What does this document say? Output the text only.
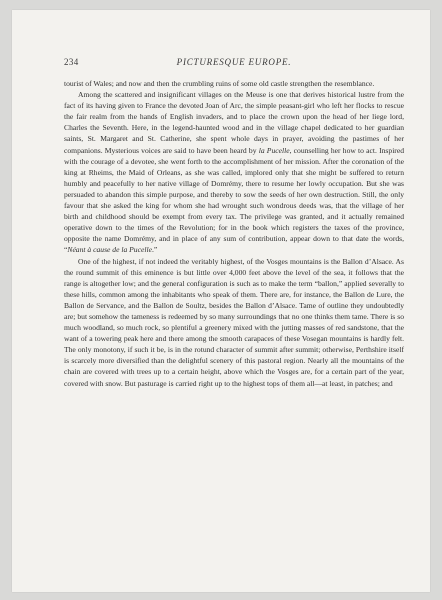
234	PICTURESQUE EUROPE.

tourist of Wales; and now and then the crumbling ruins of some old castle strengthen the resemblance.

Among the scattered and insignificant villages on the Meuse is one that derives historical lustre from the fact of its having given to France the devoted Joan of Arc, the simple peasant-girl who left her flocks to rescue the fair realm from the hands of English invaders, and to place the crown upon the head of her liege lord, Charles the Seventh. Here, in the legend-haunted wood and in the village chapel dedicated to her guardian saints, St. Margaret and St. Catherine, she spent whole days in prayer, avoiding the pastimes of her companions. Mysterious voices are said to have been heard by la Pucelle, counselling her how to act. Inspired with the courage of a devotee, she went forth to the accomplishment of her mission. After the coronation of the king at Rheims, the Maid of Orleans, as she was called, implored only that she might be suffered to return humbly and peacefully to her native village of Domrémy, there to resume her lowly occupation. But she was persuaded to abandon this simple purpose, and thereby to sow the seeds of her own destruction. Still, the only favour that she asked the king for whom she had wrought such wondrous deeds was, that the village of her birth and childhood should be exempt from every tax. The privilege was granted, and it actually remained operative down to the times of the Revolution; for in the book which registers the taxes of the province, opposite the name Domrémy, and in place of any sum of contribution, appear down to that date the words, “Néant à cause de la Pucelle.”

One of the highest, if not indeed the veritably highest, of the Vosges mountains is the Ballon d’Alsace. As the round summit of this eminence is but little over 4,000 feet above the level of the sea, it follows that the range is altogether low; and the general configuration is such as to make the term “ballon,” applied severally to these hills, common among the inhabitants who speak of them. There are, for instance, the Ballon de Lure, the Ballon de Servance, and the Ballon de Soultz, besides the Ballon d’Alsace. Tame of outline they undoubtedly are; but somehow the tameness is redeemed by so many surroundings that no one thinks them tame. There is so much woodland, so much rock, so plentiful a greenery mixed with the jutting masses of red sandstone, that the want of a towering peak here and there among the smooth carapaces of these Vosegan mountains is hardly felt. The only monotony, if such it be, is in the rotund character of summit after summit; otherwise, Perthshire itself is scarcely more diversified than the delightful scenery of this pastoral region. Nearly all the mountains of the chain are covered with trees up to a certain height, above which the Vosges are, for a certain part of the year, covered with snow. But pasturage is carried right up to the highest tops of them all—at least, in patches; and
